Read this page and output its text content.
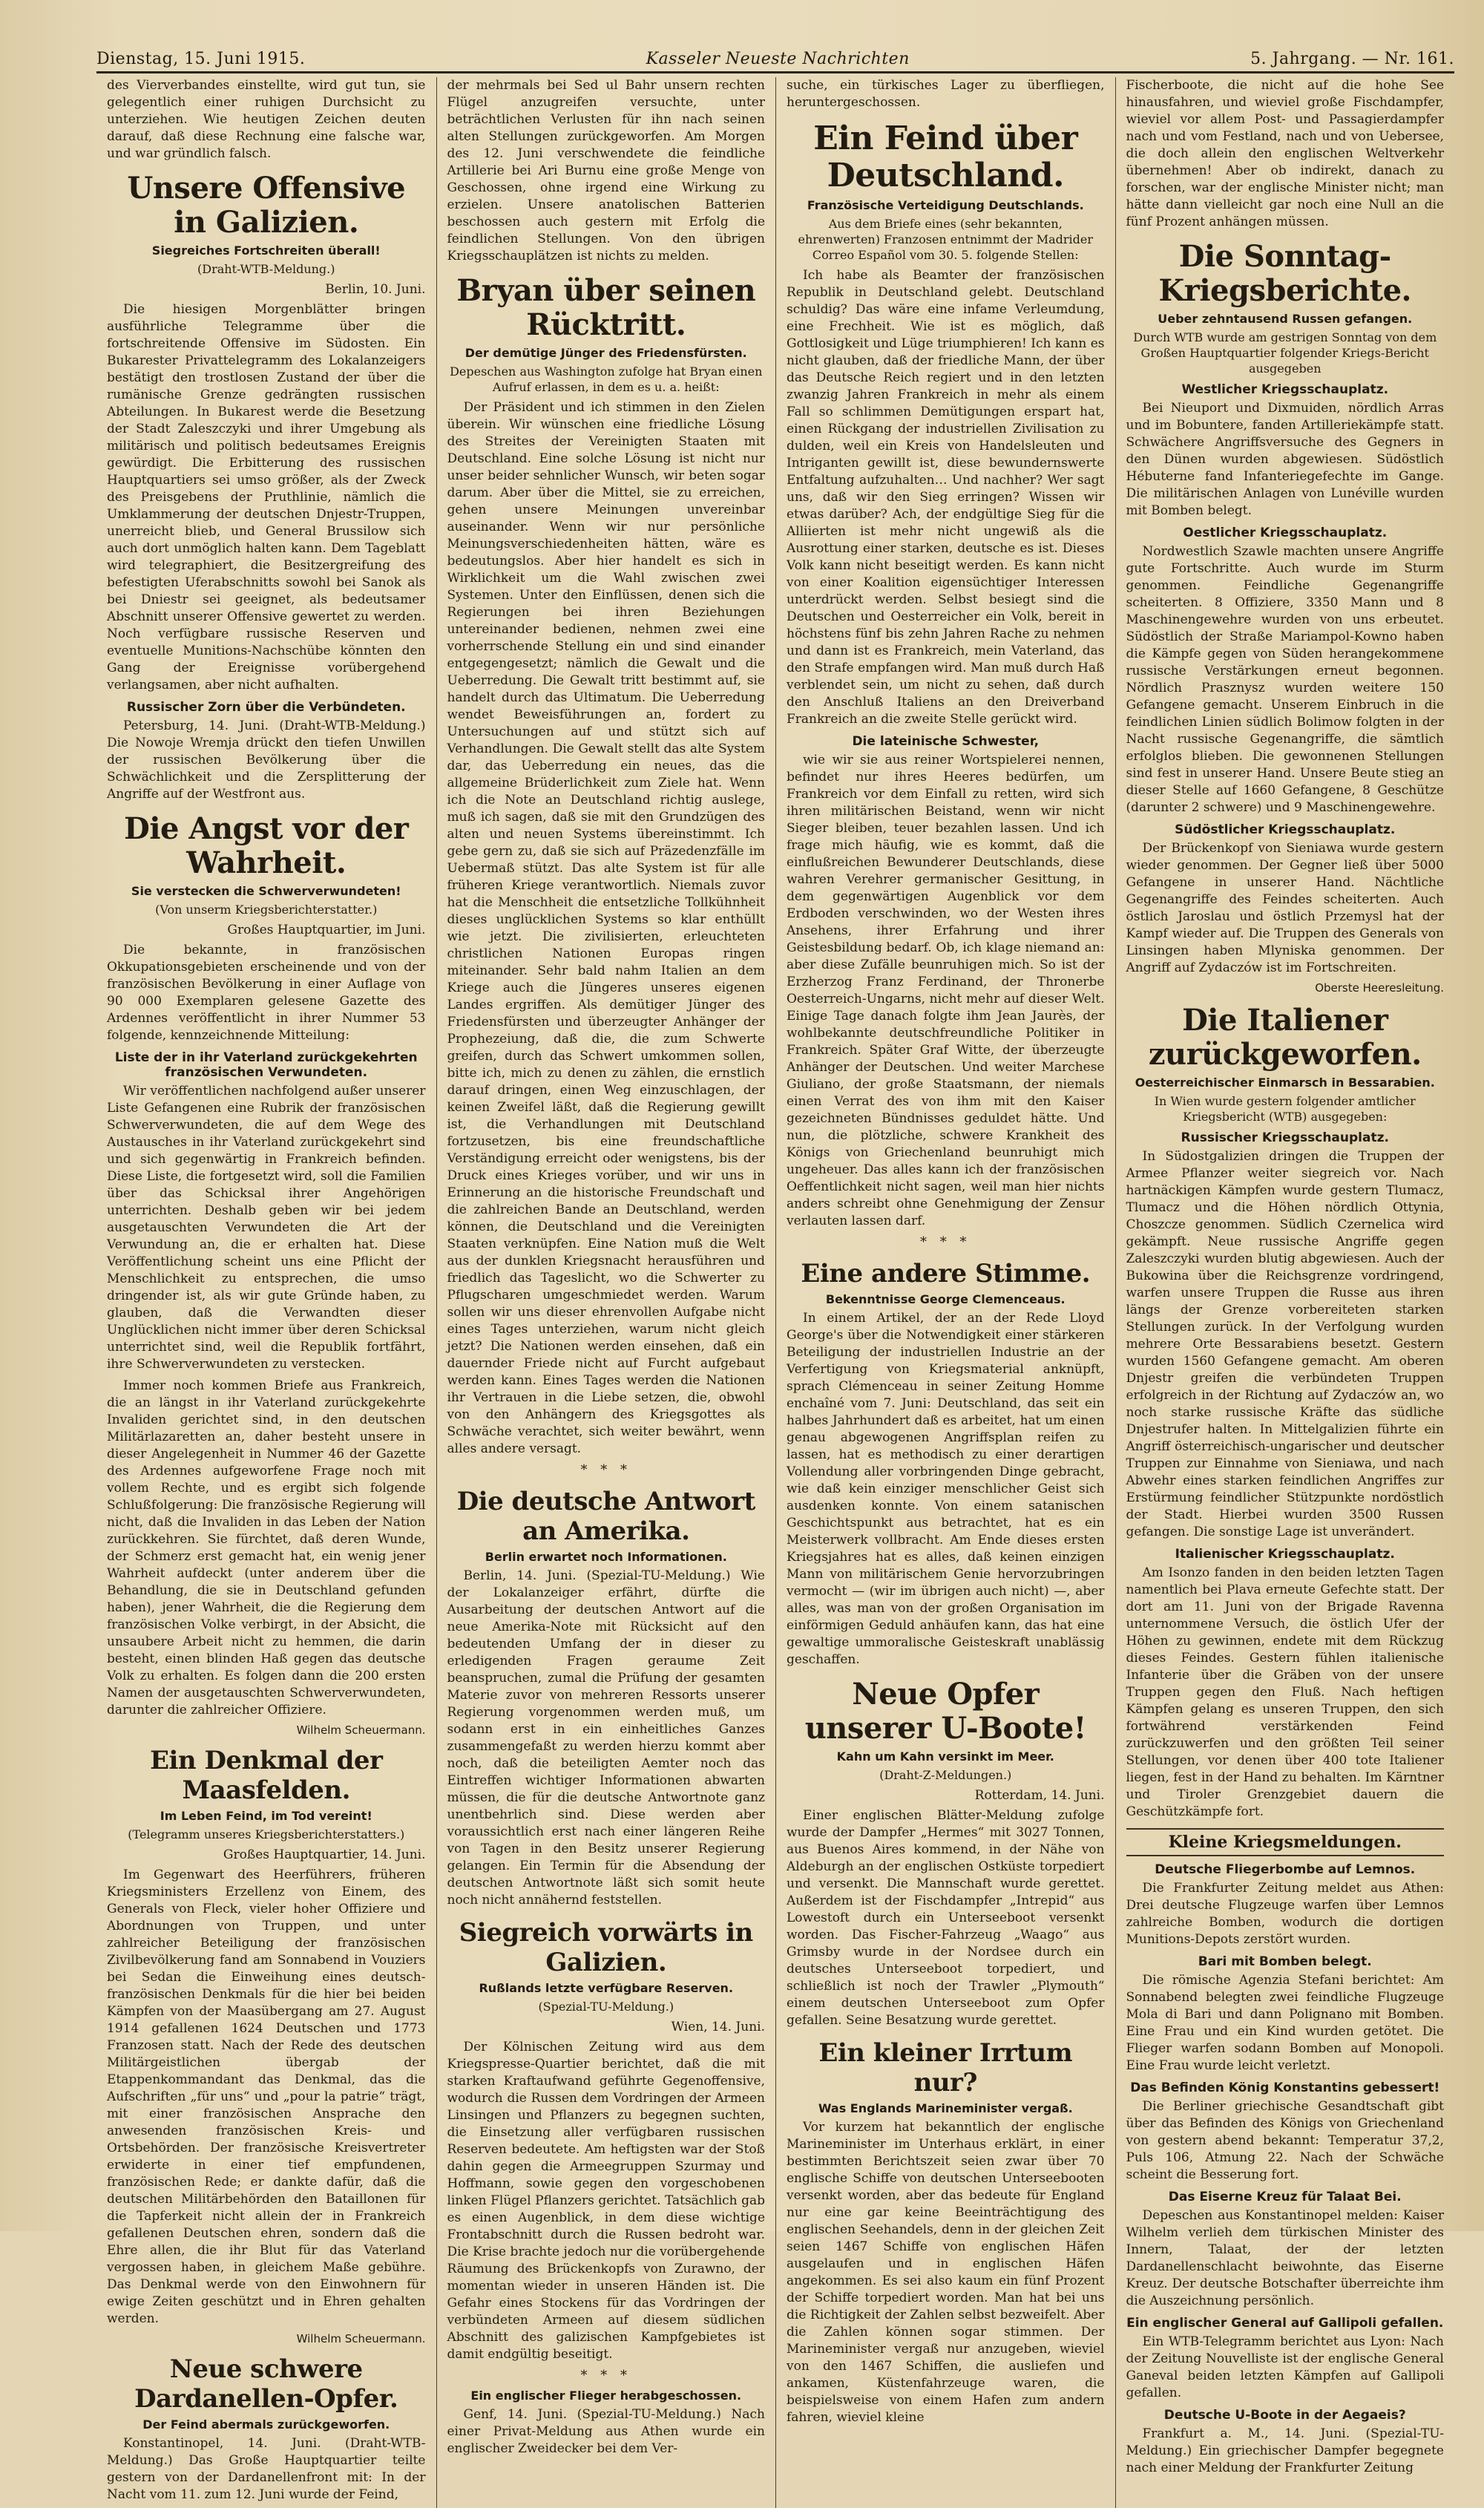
Dienstag, 15. Juni 1915.	Kasseler Neueste Nachrichten	5. Jahrgang. — Nr. 161.

des Vierverbandes einstellte, wird gut tun, sie gelegentlich einer ruhigen Durchsicht zu unterziehen. Wie heutigen Zeichen deuten darauf, daß diese Rechnung eine falsche war, und war gründlich falsch.

Unsere Offensive in Galizien.
Siegreiches Fortschreiten überall!
(Draht-WTB-Meldung.)
Berlin, 10. Juni.

Die hiesigen Morgenblätter bringen ausführliche Telegramme über die fortschreitende Offensive im Südosten. Ein Bukarester Privattelegramm des Lokalanzeigers bestätigt den trostlosen Zustand der über die rumänische Grenze gedrängten russischen Abteilungen. In Bukarest werde die Besetzung der Stadt Zaleszczyki und ihrer Umgebung als militärisch und politisch bedeutsames Ereignis gewürdigt. Die Erbitterung des russischen Hauptquartiers sei umso größer, als der Zweck des Preisgebens der Pruthlinie, nämlich die Umklammerung der deutschen Dnjestr-Truppen, unerreicht blieb, und General Brussilow sich auch dort unmöglich halten kann. Dem Tageblatt wird telegraphiert, die Besitzergreifung des befestigten Uferabschnitts sowohl bei Sanok als bei Dniestr sei geeignet, als bedeutsamer Abschnitt unserer Offensive gewertet zu werden. Noch verfügbare russische Reserven und eventuelle Munitions-Nachschübe könnten den Gang der Ereignisse vorübergehend verlangsamen, aber nicht aufhalten.

Russischer Zorn über die Verbündeten.

Petersburg, 14. Juni. (Draht-WTB-Meldung.) Die Nowoje Wremja drückt den tiefen Unwillen der russischen Bevölkerung über die Schwächlichkeit und die Zersplitterung der Angriffe auf der Westfront aus.

Die Angst vor der Wahrheit.
Sie verstecken die Schwerverwundeten!
(Von unserm Kriegsberichterstatter.)
Großes Hauptquartier, im Juni.

Die bekannte, in französischen Okkupationsgebieten erscheinende und von der französischen Bevölkerung in einer Auflage von 90 000 Exemplaren gelesene Gazette des Ardennes veröffentlicht in ihrer Nummer 53 folgende, kennzeichnende Mitteilung:

Liste der in ihr Vaterland zurückgekehrten französischen Verwundeten.

Wir veröffentlichen nachfolgend außer unserer Liste Gefangenen eine Rubrik der französischen Schwerverwundeten, die auf dem Wege des Austausches in ihr Vaterland zurückgekehrt sind und sich gegenwärtig in Frankreich befinden. Diese Liste, die fortgesetzt wird, soll die Familien über das Schicksal ihrer Angehörigen unterrichten. Deshalb geben wir bei jedem ausgetauschten Verwundeten die Art der Verwundung an, die er erhalten hat. Diese Veröffentlichung scheint uns eine Pflicht der Menschlichkeit zu entsprechen, die umso dringender ist, als wir gute Gründe haben, zu glauben, daß die Verwandten dieser Unglücklichen nicht immer über deren Schicksal unterrichtet sind, weil die Republik fortfährt, ihre Schwerverwundeten zu verstecken.

Immer noch kommen Briefe aus Frankreich, die an längst in ihr Vaterland zurückgekehrte Invaliden gerichtet sind, in den deutschen Militärlazaretten an, daher besteht unsere in dieser Angelegenheit in Nummer 46 der Gazette des Ardennes aufgeworfene Frage noch mit vollem Rechte, und es ergibt sich folgende Schlußfolgerung: Die französische Regierung will nicht, daß die Invaliden in das Leben der Nation zurückkehren. Sie fürchtet, daß deren Wunde, der Schmerz erst gemacht hat, ein wenig jener Wahrheit aufdeckt (unter anderem über die Behandlung, die sie in Deutschland gefunden haben), jener Wahrheit, die die Regierung dem französischen Volke verbirgt, in der Absicht, die unsaubere Arbeit nicht zu hemmen, die darin besteht, einen blinden Haß gegen das deutsche Volk zu erhalten. Es folgen dann die 200 ersten Namen der ausgetauschten Schwerverwundeten, darunter die zahlreicher Offiziere.

Wilhelm Scheuermann.
Ein Denkmal der Maasfelden.
Im Leben Feind, im Tod vereint!
(Telegramm unseres Kriegsberichterstatters.)
Großes Hauptquartier, 14. Juni.

Im Gegenwart des Heerführers, früheren Kriegsministers Erzellenz von Einem, des Generals von Fleck, vieler hoher Offiziere und Abordnungen von Truppen, und unter zahlreicher Beteiligung der französischen Zivilbevölkerung fand am Sonnabend in Vouziers bei Sedan die Einweihung eines deutsch-französischen Denkmals für die hier bei beiden Kämpfen von der Maasübergang am 27. August 1914 gefallenen 1624 Deutschen und 1773 Franzosen statt. Nach der Rede des deutschen Militärgeistlichen übergab der Etappenkommandant das Denkmal, das die Aufschriften „für uns“ und „pour la patrie“ trägt, mit einer französischen Ansprache den anwesenden französischen Kreis- und Ortsbehörden. Der französische Kreisvertreter erwiderte in einer tief empfundenen, französischen Rede; er dankte dafür, daß die deutschen Militärbehörden den Bataillonen für die Tapferkeit nicht allein der in Frankreich gefallenen Deutschen ehren, sondern daß die Ehre allen, die ihr Blut für das Vaterland vergossen haben, in gleichem Maße gebühre. Das Denkmal werde von den Einwohnern für ewige Zeiten geschützt und in Ehren gehalten werden.

Wilhelm Scheuermann.
Neue schwere Dardanellen-Opfer.
Der Feind abermals zurückgeworfen.

Konstantinopel, 14. Juni. (Draht-WTB-Meldung.) Das Große Hauptquartier teilte gestern von der Dardanellenfront mit: In der Nacht vom 11. zum 12. Juni wurde der Feind,

der mehrmals bei Sed ul Bahr unsern rechten Flügel anzugreifen versuchte, unter beträchtlichen Verlusten für ihn nach seinen alten Stellungen zurückgeworfen. Am Morgen des 12. Juni verschwendete die feindliche Artillerie bei Ari Burnu eine große Menge von Geschossen, ohne irgend eine Wirkung zu erzielen. Unsere anatolischen Batterien beschossen auch gestern mit Erfolg die feindlichen Stellungen. Von den übrigen Kriegsschauplätzen ist nichts zu melden.

Bryan über seinen Rücktritt.
Der demütige Jünger des Friedensfürsten.
Depeschen aus Washington zufolge hat Bryan einen Aufruf erlassen, in dem es u. a. heißt:

Der Präsident und ich stimmen in den Zielen überein. Wir wünschen eine friedliche Lösung des Streites der Vereinigten Staaten mit Deutschland. Eine solche Lösung ist nicht nur unser beider sehnlicher Wunsch, wir beten sogar darum. Aber über die Mittel, sie zu erreichen, gehen unsere Meinungen unvereinbar auseinander. Wenn wir nur persönliche Meinungsverschiedenheiten hätten, wäre es bedeutungslos. Aber hier handelt es sich in Wirklichkeit um die Wahl zwischen zwei Systemen. Unter den Einflüssen, denen sich die Regierungen bei ihren Beziehungen untereinander bedienen, nehmen zwei eine vorherrschende Stellung ein und sind einander entgegengesetzt; nämlich die Gewalt und die Ueberredung. Die Gewalt tritt bestimmt auf, sie handelt durch das Ultimatum. Die Ueberredung wendet Beweisführungen an, fordert zu Untersuchungen auf und stützt sich auf Verhandlungen. Die Gewalt stellt das alte System dar, das Ueberredung ein neues, das die allgemeine Brüderlichkeit zum Ziele hat. Wenn ich die Note an Deutschland richtig auslege, muß ich sagen, daß sie mit den Grundzügen des alten und neuen Systems übereinstimmt. Ich gebe gern zu, daß sie sich auf Präzedenzfälle im Uebermaß stützt. Das alte System ist für alle früheren Kriege verantwortlich. Niemals zuvor hat die Menschheit die entsetzliche Tollkühnheit dieses unglücklichen Systems so klar enthüllt wie jetzt. Die zivilisierten, erleuchteten christlichen Nationen Europas ringen miteinander. Sehr bald nahm Italien an dem Kriege auch die Jüngeres unseres eigenen Landes ergriffen. Als demütiger Jünger des Friedensfürsten und überzeugter Anhänger der Prophezeiung, daß die, die zum Schwerte greifen, durch das Schwert umkommen sollen, bitte ich, mich zu denen zu zählen, die ernstlich darauf dringen, einen Weg einzuschlagen, der keinen Zweifel läßt, daß die Regierung gewillt ist, die Verhandlungen mit Deutschland fortzusetzen, bis eine freundschaftliche Verständigung erreicht oder wenigstens, bis der Druck eines Krieges vorüber, und wir uns in Erinnerung an die historische Freundschaft und die zahlreichen Bande an Deutschland, werden können, die Deutschland und die Vereinigten Staaten verknüpfen. Eine Nation muß die Welt aus der dunklen Kriegsnacht herausführen und friedlich das Tageslicht, wo die Schwerter zu Pflugscharen umgeschmiedet werden. Warum sollen wir uns dieser ehrenvollen Aufgabe nicht eines Tages unterziehen, warum nicht gleich jetzt? Die Nationen werden einsehen, daß ein dauernder Friede nicht auf Furcht aufgebaut werden kann. Eines Tages werden die Nationen ihr Vertrauen in die Liebe setzen, die, obwohl von den Anhängern des Kriegsgottes als Schwäche verachtet, sich weiter bewährt, wenn alles andere versagt.

* * *
Die deutsche Antwort an Amerika.
Berlin erwartet noch Informationen.

Berlin, 14. Juni. (Spezial-TU-Meldung.) Wie der Lokalanzeiger erfährt, dürfte die Ausarbeitung der deutschen Antwort auf die neue Amerika-Note mit Rücksicht auf den bedeutenden Umfang der in dieser zu erledigenden Fragen geraume Zeit beanspruchen, zumal die Prüfung der gesamten Materie zuvor von mehreren Ressorts unserer Regierung vorgenommen werden muß, um sodann erst in ein einheitliches Ganzes zusammengefaßt zu werden hierzu kommt aber noch, daß die beteiligten Aemter noch das Eintreffen wichtiger Informationen abwarten müssen, die für die deutsche Antwortnote ganz unentbehrlich sind. Diese werden aber voraussichtlich erst nach einer längeren Reihe von Tagen in den Besitz unserer Regierung gelangen. Ein Termin für die Absendung der deutschen Antwortnote läßt sich somit heute noch nicht annähernd feststellen.

Siegreich vorwärts in Galizien.
Rußlands letzte verfügbare Reserven.
(Spezial-TU-Meldung.)
Wien, 14. Juni.

Der Kölnischen Zeitung wird aus dem Kriegspresse-Quartier berichtet, daß die mit starken Kraftaufwand geführte Gegenoffensive, wodurch die Russen dem Vordringen der Armeen Linsingen und Pflanzers zu begegnen suchten, die Einsetzung aller verfügbaren russischen Reserven bedeutete. Am heftigsten war der Stoß dahin gegen die Armeegruppen Szurmay und Hoffmann, sowie gegen den vorgeschobenen linken Flügel Pflanzers gerichtet. Tatsächlich gab es einen Augenblick, in dem diese wichtige Frontabschnitt durch die Russen bedroht war. Die Krise brachte jedoch nur die vorübergehende Räumung des Brückenkopfs von Zurawno, der momentan wieder in unseren Händen ist. Die Gefahr eines Stockens für das Vordringen der verbündeten Armeen auf diesem südlichen Abschnitt des galizischen Kampfgebietes ist damit endgültig beseitigt.

* * *
Ein englischer Flieger herabgeschossen.

Genf, 14. Juni. (Spezial-TU-Meldung.) Nach einer Privat-Meldung aus Athen wurde ein englischer Zweidecker bei dem Ver-

suche, ein türkisches Lager zu überfliegen, heruntergeschossen.

Ein Feind über Deutschland.
Französische Verteidigung Deutschlands.
Aus dem Briefe eines (sehr bekannten, ehrenwerten) Franzosen entnimmt der Madrider Correo Español vom 30. 5. folgende Stellen:

Ich habe als Beamter der französischen Republik in Deutschland gelebt. Deutschland schuldig? Das wäre eine infame Verleumdung, eine Frechheit. Wie ist es möglich, daß Gottlosigkeit und Lüge triumphieren! Ich kann es nicht glauben, daß der friedliche Mann, der über das Deutsche Reich regiert und in den letzten zwanzig Jahren Frankreich in mehr als einem Fall so schlimmen Demütigungen erspart hat, einen Rückgang der industriellen Zivilisation zu dulden, weil ein Kreis von Handelsleuten und Intriganten gewillt ist, diese bewundernswerte Entfaltung aufzuhalten… Und nachher? Wer sagt uns, daß wir den Sieg erringen? Wissen wir etwas darüber? Ach, der endgültige Sieg für die Alliierten ist mehr nicht ungewiß als die Ausrottung einer starken, deutsche es ist. Dieses Volk kann nicht beseitigt werden. Es kann nicht von einer Koalition eigensüchtiger Interessen unterdrückt werden. Selbst besiegt sind die Deutschen und Oesterreicher ein Volk, bereit in höchstens fünf bis zehn Jahren Rache zu nehmen und dann ist es Frankreich, mein Vaterland, das den Strafe empfangen wird. Man muß durch Haß verblendet sein, um nicht zu sehen, daß durch den Anschluß Italiens an den Dreiverband Frankreich an die zweite Stelle gerückt wird.

Die lateinische Schwester,

wie wir sie aus reiner Wortspielerei nennen, befindet nur ihres Heeres bedürfen, um Frankreich vor dem Einfall zu retten, wird sich ihren militärischen Beistand, wenn wir nicht Sieger bleiben, teuer bezahlen lassen. Und ich frage mich häufig, wie es kommt, daß die einflußreichen Bewunderer Deutschlands, diese wahren Verehrer germanischer Gesittung, in dem gegenwärtigen Augenblick vor dem Erdboden verschwinden, wo der Westen ihres Ansehens, ihrer Erfahrung und ihrer Geistesbildung bedarf. Ob, ich klage niemand an: aber diese Zufälle beunruhigen mich. So ist der Erzherzog Franz Ferdinand, der Thronerbe Oesterreich-Ungarns, nicht mehr auf dieser Welt. Einige Tage danach folgte ihm Jean Jaurès, der wohlbekannte deutschfreundliche Politiker in Frankreich. Später Graf Witte, der überzeugte Anhänger der Deutschen. Und weiter Marchese Giuliano, der große Staatsmann, der niemals einen Verrat des von ihm mit den Kaiser gezeichneten Bündnisses geduldet hätte. Und nun, die plötzliche, schwere Krankheit des Königs von Griechenland beunruhigt mich ungeheuer. Das alles kann ich der französischen Oeffentlichkeit nicht sagen, weil man hier nichts anders schreibt ohne Genehmigung der Zensur verlauten lassen darf.

* * *
Eine andere Stimme.
Bekenntnisse George Clemenceaus.

In einem Artikel, der an der Rede Lloyd George's über die Notwendigkeit einer stärkeren Beteiligung der industriellen Industrie an der Verfertigung von Kriegsmaterial anknüpft, sprach Clémenceau in seiner Zeitung Homme enchaîné vom 7. Juni: Deutschland, das seit ein halbes Jahrhundert daß es arbeitet, hat um einen genau abgewogenen Angriffsplan reifen zu lassen, hat es methodisch zu einer derartigen Vollendung aller vorbringenden Dinge gebracht, wie daß kein einziger menschlicher Geist sich ausdenken konnte. Von einem satanischen Geschichtspunkt aus betrachtet, hat es ein Meisterwerk vollbracht. Am Ende dieses ersten Kriegsjahres hat es alles, daß keinen einzigen Mann von militärischem Genie hervorzubringen vermocht — (wir im übrigen auch nicht) —, aber alles, was man von der großen Organisation im einförmigen Geduld anhäufen kann, das hat eine gewaltige ummoralische Geisteskraft unablässig geschaffen.

Neue Opfer unserer U-Boote!
Kahn um Kahn versinkt im Meer.
(Draht-Z-Meldungen.)
Rotterdam, 14. Juni.

Einer englischen Blätter-Meldung zufolge wurde der Dampfer „Hermes“ mit 3027 Tonnen, aus Buenos Aires kommend, in der Nähe von Aldeburgh an der englischen Ostküste torpediert und versenkt. Die Mannschaft wurde gerettet. Außerdem ist der Fischdampfer „Intrepid“ aus Lowestoft durch ein Unterseeboot versenkt worden. Das Fischer-Fahrzeug „Waago“ aus Grimsby wurde in der Nordsee durch ein deutsches Unterseeboot torpediert, und schließlich ist noch der Trawler „Plymouth“ einem deutschen Unterseeboot zum Opfer gefallen. Seine Besatzung wurde gerettet.

Ein kleiner Irrtum nur?
Was Englands Marineminister vergaß.

Vor kurzem hat bekanntlich der englische Marineminister im Unterhaus erklärt, in einer bestimmten Berichtszeit seien zwar über 70 englische Schiffe von deutschen Unterseebooten versenkt worden, aber das bedeute für England nur eine gar keine Beeinträchtigung des englischen Seehandels, denn in der gleichen Zeit seien 1467 Schiffe von englischen Häfen ausgelaufen und in englischen Häfen angekommen. Es sei also kaum ein fünf Prozent der Schiffe torpediert worden. Man hat bei uns die Richtigkeit der Zahlen selbst bezweifelt. Aber die Zahlen können sogar stimmen. Der Marineminister vergaß nur anzugeben, wieviel von den 1467 Schiffen, die ausliefen und ankamen, Küstenfahrzeuge waren, die beispielsweise von einem Hafen zum andern fahren, wieviel kleine

Fischerboote, die nicht auf die hohe See hinausfahren, und wieviel große Fischdampfer, wieviel vor allem Post- und Passagierdampfer nach und vom Festland, nach und von Uebersee, die doch allein den englischen Weltverkehr übernehmen! Aber ob indirekt, danach zu forschen, war der englische Minister nicht; man hätte dann vielleicht gar noch eine Null an die fünf Prozent anhängen müssen.

Die Sonntag-Kriegsberichte.
Ueber zehntausend Russen gefangen.
Durch WTB wurde am gestrigen Sonntag von dem Großen Hauptquartier folgender Kriegs-Bericht ausgegeben
Westlicher Kriegsschauplatz.

Bei Nieuport und Dixmuiden, nördlich Arras und im Bobuntere, fanden Artilleriekämpfe statt. Schwächere Angriffsversuche des Gegners in den Dünen wurden abgewiesen. Südöstlich Hébuterne fand Infanteriegefechte im Gange. Die militärischen Anlagen von Lunéville wurden mit Bomben belegt.

Oestlicher Kriegsschauplatz.

Nordwestlich Szawle machten unsere Angriffe gute Fortschritte. Auch wurde im Sturm genommen. Feindliche Gegenangriffe scheiterten. 8 Offiziere, 3350 Mann und 8 Maschinengewehre wurden von uns erbeutet. Südöstlich der Straße Mariampol-Kowno haben die Kämpfe gegen von Süden herangekommene russische Verstärkungen erneut begonnen. Nördlich Prasznysz wurden weitere 150 Gefangene gemacht. Unserem Einbruch in die feindlichen Linien südlich Bolimow folgten in der Nacht russische Gegenangriffe, die sämtlich erfolglos blieben. Die gewonnenen Stellungen sind fest in unserer Hand. Unsere Beute stieg an dieser Stelle auf 1660 Gefangene, 8 Geschütze (darunter 2 schwere) und 9 Maschinengewehre.

Südöstlicher Kriegsschauplatz.

Der Brückenkopf von Sieniawa wurde gestern wieder genommen. Der Gegner ließ über 5000 Gefangene in unserer Hand. Nächtliche Gegenangriffe des Feindes scheiterten. Auch östlich Jaroslau und östlich Przemysl hat der Kampf wieder auf. Die Truppen des Generals von Linsingen haben Mlyniska genommen. Der Angriff auf Zydaczów ist im Fortschreiten.

Oberste Heeresleitung.
Die Italiener zurückgeworfen.
Oesterreichischer Einmarsch in Bessarabien.
In Wien wurde gestern folgender amtlicher Kriegsbericht (WTB) ausgegeben:
Russischer Kriegsschauplatz.

In Südostgalizien dringen die Truppen der Armee Pflanzer weiter siegreich vor. Nach hartnäckigen Kämpfen wurde gestern Tlumacz, Tlumacz und die Höhen nördlich Ottynia, Choszcze genommen. Südlich Czernelica wird gekämpft. Neue russische Angriffe gegen Zaleszczyki wurden blutig abgewiesen. Auch der Bukowina über die Reichsgrenze vordringend, warfen unsere Truppen die Russe aus ihren längs der Grenze vorbereiteten starken Stellungen zurück. In der Verfolgung wurden mehrere Orte Bessarabiens besetzt. Gestern wurden 1560 Gefangene gemacht. Am oberen Dnjestr greifen die verbündeten Truppen erfolgreich in der Richtung auf Zydaczów an, wo noch starke russische Kräfte das südliche Dnjestrufer halten. In Mittelgalizien führte ein Angriff österreichisch-ungarischer und deutscher Truppen zur Einnahme von Sieniawa, und nach Abwehr eines starken feindlichen Angriffes zur Erstürmung feindlicher Stützpunkte nordöstlich der Stadt. Hierbei wurden 3500 Russen gefangen. Die sonstige Lage ist unverändert.

Italienischer Kriegsschauplatz.

Am Isonzo fanden in den beiden letzten Tagen namentlich bei Plava erneute Gefechte statt. Der dort am 11. Juni von der Brigade Ravenna unternommene Versuch, die östlich Ufer der Höhen zu gewinnen, endete mit dem Rückzug dieses Feindes. Gestern fühlen italienische Infanterie über die Gräben von der unsere Truppen gegen den Fluß. Nach heftigen Kämpfen gelang es unseren Truppen, den sich fortwährend verstärkenden Feind zurückzuwerfen und den größten Teil seiner Stellungen, vor denen über 400 tote Italiener liegen, fest in der Hand zu behalten. Im Kärntner und Tiroler Grenzgebiet dauern die Geschützkämpfe fort.

Kleine Kriegsmeldungen.
Deutsche Fliegerbombe auf Lemnos.

Die Frankfurter Zeitung meldet aus Athen: Drei deutsche Flugzeuge warfen über Lemnos zahlreiche Bomben, wodurch die dortigen Munitions-Depots zerstört wurden.

Bari mit Bomben belegt.

Die römische Agenzia Stefani berichtet: Am Sonnabend belegten zwei feindliche Flugzeuge Mola di Bari und dann Polignano mit Bomben. Eine Frau und ein Kind wurden getötet. Die Flieger warfen sodann Bomben auf Monopoli. Eine Frau wurde leicht verletzt.

Das Befinden König Konstantins gebessert!

Die Berliner griechische Gesandtschaft gibt über das Befinden des Königs von Griechenland von gestern abend bekannt: Temperatur 37,2, Puls 106, Atmung 22. Nach der Schwäche scheint die Besserung fort.

Das Eiserne Kreuz für Talaat Bei.

Depeschen aus Konstantinopel melden: Kaiser Wilhelm verlieh dem türkischen Minister des Innern, Talaat, der der letzten Dardanellenschlacht beiwohnte, das Eiserne Kreuz. Der deutsche Botschafter überreichte ihm die Auszeichnung persönlich.

Ein englischer General auf Gallipoli gefallen.

Ein WTB-Telegramm berichtet aus Lyon: Nach der Zeitung Nouvelliste ist der englische General Ganeval beiden letzten Kämpfen auf Gallipoli gefallen.

Deutsche U-Boote in der Aegaeis?

Frankfurt a. M., 14. Juni. (Spezial-TU-Meldung.) Ein griechischer Dampfer begegnete nach einer Meldung der Frankfurter Zeitung
